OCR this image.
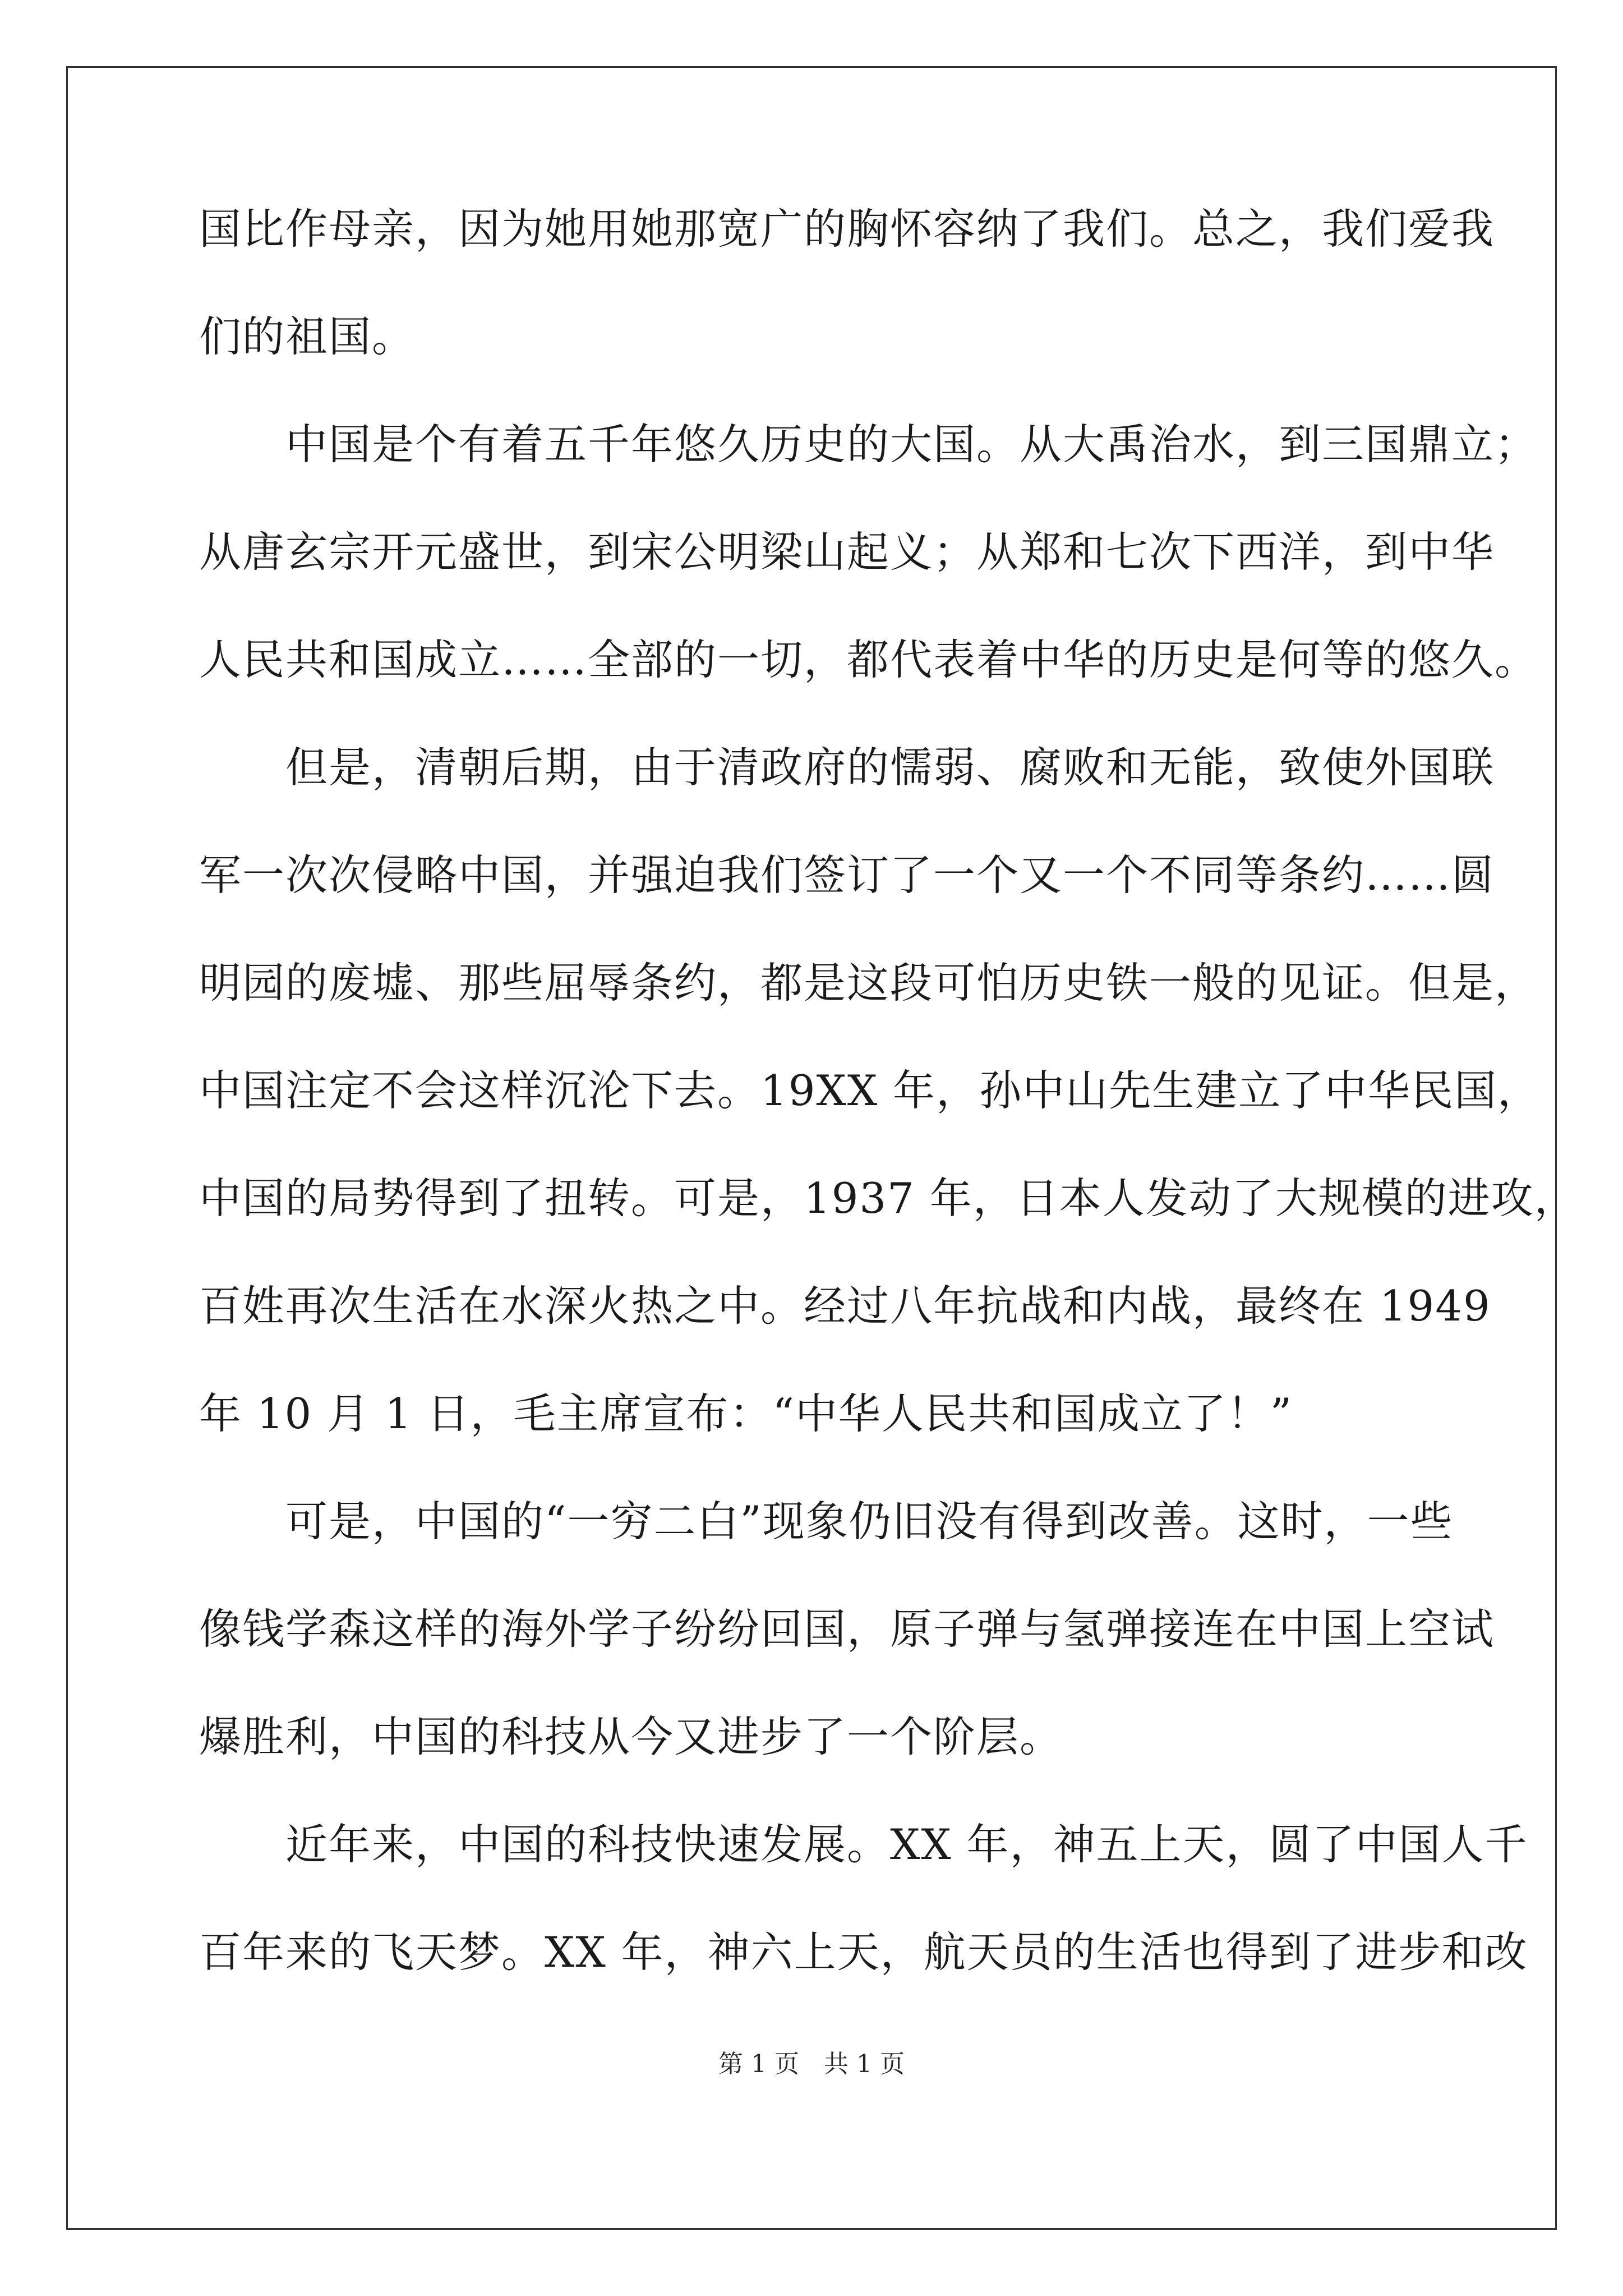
国比作母亲，因为她用她那宽广的胸怀容纳了我们。总之，我们爱我
们的祖国。
　　中国是个有着五千年悠久历史的大国。从大禹治水，到三国鼎立；
从唐玄宗开元盛世，到宋公明梁山起义；从郑和七次下西洋，到中华
人民共和国成立……全部的一切，都代表着中华的历史是何等的悠久。
　　但是，清朝后期，由于清政府的懦弱、腐败和无能，致使外国联
军一次次侵略中国，并强迫我们签订了一个又一个不同等条约……圆
明园的废墟、那些屈辱条约，都是这段可怕历史铁一般的见证。但是，
中国注定不会这样沉沦下去。19XX 年，孙中山先生建立了中华民国，
中国的局势得到了扭转。可是，1937 年，日本人发动了大规模的进攻，
百姓再次生活在水深火热之中。经过八年抗战和内战，最终在 1949
年 10 月 1 日，毛主席宣布：“中华人民共和国成立了！”
　　可是，中国的“一穷二白”现象仍旧没有得到改善。这时，一些
像钱学森这样的海外学子纷纷回国，原子弹与氢弹接连在中国上空试
爆胜利，中国的科技从今又进步了一个阶层。
　　近年来，中国的科技快速发展。XX 年，神五上天，圆了中国人千
百年来的飞天梦。XX 年，神六上天，航天员的生活也得到了进步和改
第 1 页　共 1 页
